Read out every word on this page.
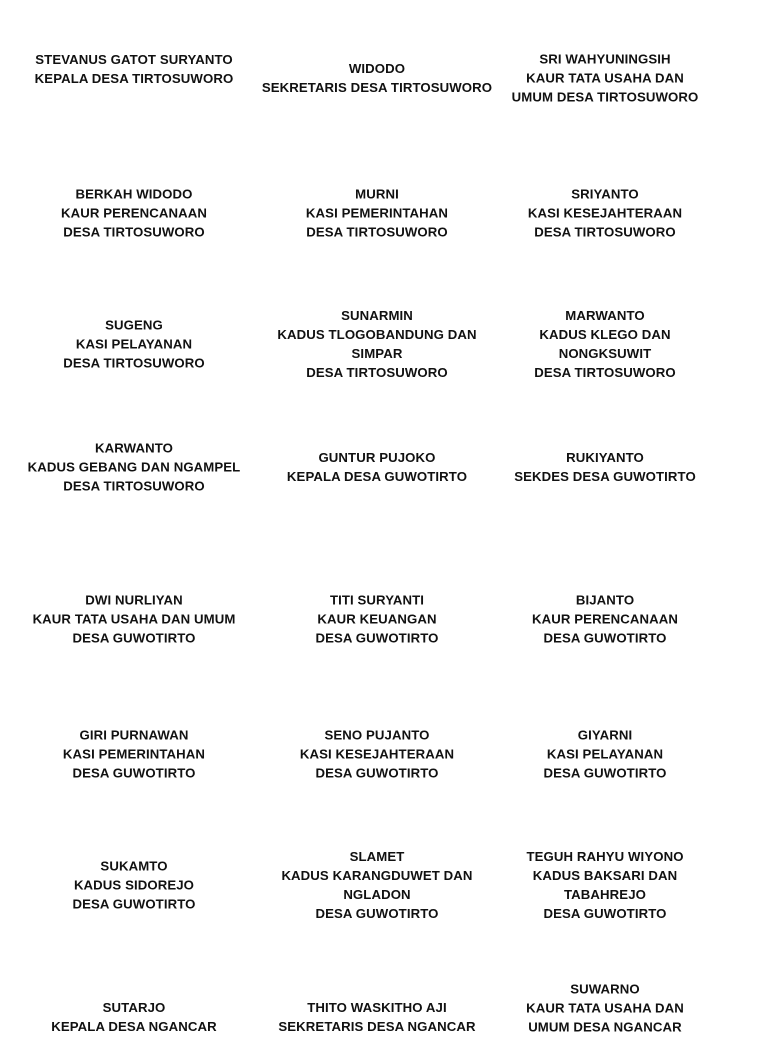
STEVANUS GATOT SURYANTO
KEPALA DESA TIRTOSUWORO
WIDODO
SEKRETARIS DESA TIRTOSUWORO
SRI WAHYUNINGSIH
KAUR TATA USAHA DAN
UMUM DESA TIRTOSUWORO
BERKAH WIDODO
KAUR PERENCANAAN
DESA TIRTOSUWORO
MURNI
KASI PEMERINTAHAN
DESA TIRTOSUWORO
SRIYANTO
KASI KESEJAHTERAAN
DESA TIRTOSUWORO
SUGENG
KASI PELAYANAN
DESA TIRTOSUWORO
SUNARMIN
KADUS TLOGOBANDUNG DAN
SIMPAR
DESA TIRTOSUWORO
MARWANTO
KADUS KLEGO DAN
NONGKSUWIT
DESA TIRTOSUWORO
KARWANTO
KADUS GEBANG DAN NGAMPEL
DESA TIRTOSUWORO
GUNTUR PUJOKO
KEPALA DESA GUWOTIRTO
RUKIYANTO
SEKDES DESA GUWOTIRTO
DWI NURLIYAN
KAUR TATA USAHA DAN UMUM
DESA GUWOTIRTO
TITI SURYANTI
KAUR KEUANGAN
DESA GUWOTIRTO
BIJANTO
KAUR PERENCANAAN
DESA GUWOTIRTO
GIRI PURNAWAN
KASI PEMERINTAHAN
DESA GUWOTIRTO
SENO PUJANTO
KASI KESEJAHTERAAN
DESA GUWOTIRTO
GIYARNI
KASI PELAYANAN
DESA GUWOTIRTO
SUKAMTO
KADUS SIDOREJO
DESA GUWOTIRTO
SLAMET
KADUS KARANGDUWET DAN
NGLADON
DESA GUWOTIRTO
TEGUH RAHYU WIYONO
KADUS BAKSARI DAN
TABAHREJO
DESA GUWOTIRTO
SUTARJO
KEPALA DESA NGANCAR
THITO WASKITHO AJI
SEKRETARIS DESA NGANCAR
SUWARNO
KAUR TATA USAHA DAN
UMUM DESA NGANCAR
